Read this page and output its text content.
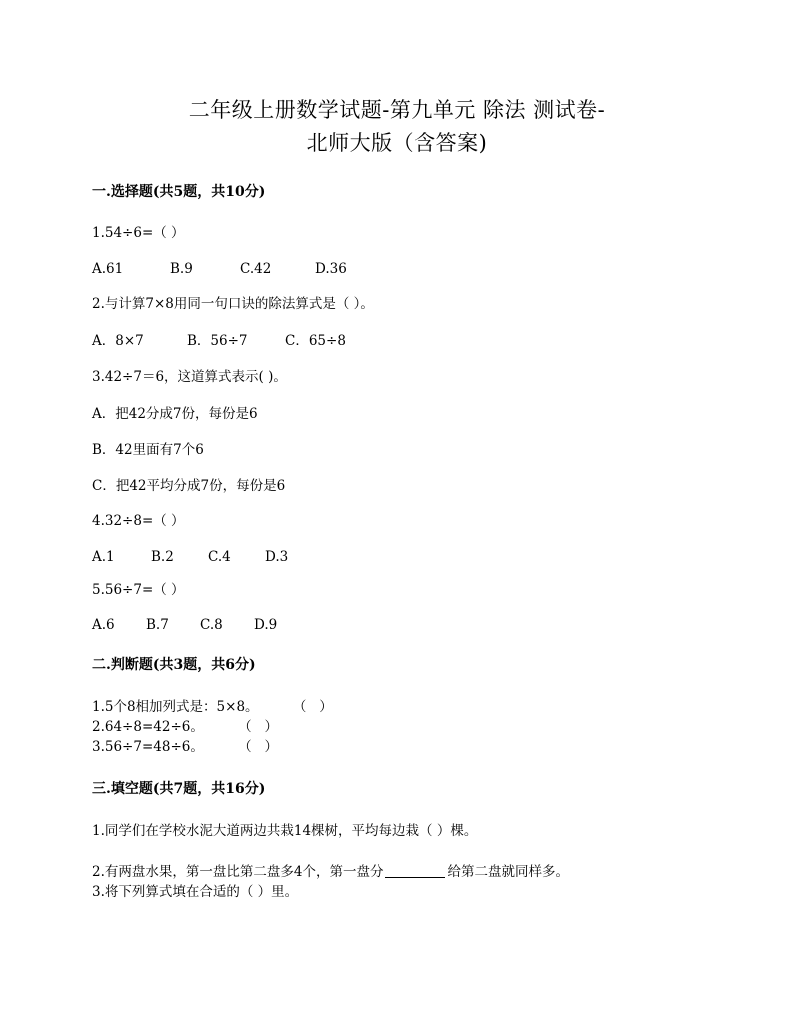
二年级上册数学试题-第九单元 除法 测试卷-
北师大版（含答案)
一.选择题(共5题，共10分)
1.54÷6=（ ）
A.61	B.9	C.42	D.36
2.与计算7×8用同一句口诀的除法算式是（ ）。
A．8×7	B．56÷7	C．65÷8
3.42÷7＝6，这道算式表示( )。
A．把42分成7份，每份是6
B．42里面有7个6
C．把42平均分成7份，每份是6
4.32÷8=（ ）
A.1	B.2	C.4	D.3
5.56÷7=（ ）
A.6 B.7 C.8 D.9
二.判断题(共3题，共6分)
1.5个8相加列式是：5×8。        （   ）
2.64÷8=42÷6。        （   ）
3.56÷7=48÷6。        （   ）
三.填空题(共7题，共16分)
1.同学们在学校水泥大道两边共栽14棵树，平均每边栽（ ）棵。
2.有两盘水果，第一盘比第二盘多4个，第一盘分	给第二盘就同样多。
3.将下列算式填在合适的（ ）里。
